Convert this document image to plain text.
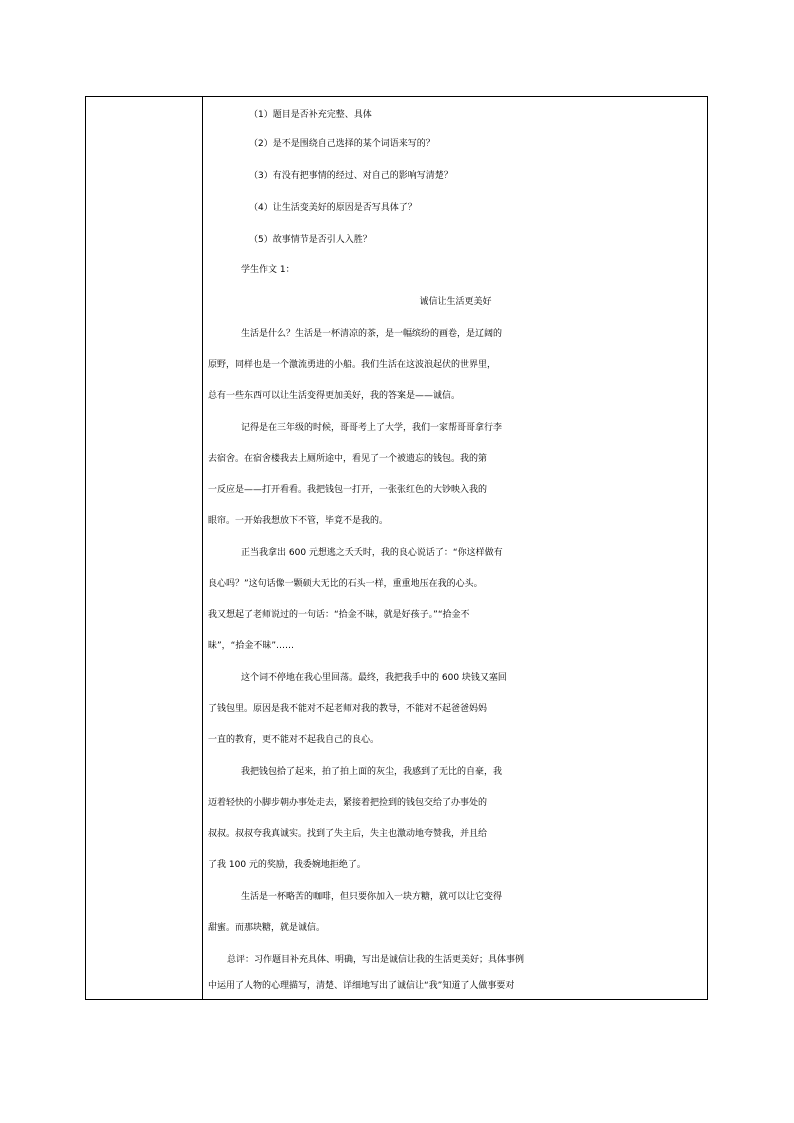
（1）题目是否补充完整、具体
（2）是不是围绕自己选择的某个词语来写的？
（3）有没有把事情的经过、对自己的影响写清楚？
（4）让生活变美好的原因是否写具体了？
（5）故事情节是否引人入胜？
学生作文 1：
诚信让生活更美好
生活是什么？生活是一杯清凉的茶，是一幅缤纷的画卷，是辽阔的
原野，同样也是一个激流勇进的小船。我们生活在这波浪起伏的世界里，
总有一些东西可以让生活变得更加美好，我的答案是——诚信。
记得是在三年级的时候，哥哥考上了大学，我们一家帮哥哥拿行李
去宿舍。在宿舍楼我去上厕所途中，看见了一个被遗忘的钱包。我的第
一反应是——打开看看。我把钱包一打开，一张张红色的大钞映入我的
眼帘。一开始我想放下不管，毕竟不是我的。
正当我拿出 600 元想逃之夭夭时，我的良心说话了：“你这样做有
良心吗？”这句话像一颗硕大无比的石头一样，重重地压在我的心头。
我又想起了老师说过的一句话：“拾金不昧，就是好孩子。”“拾金不
昧”，“拾金不昧”……
这个词不停地在我心里回荡。最终，我把我手中的 600 块钱又塞回
了钱包里。原因是我不能对不起老师对我的教导，不能对不起爸爸妈妈
一直的教育，更不能对不起我自己的良心。
我把钱包拾了起来，拍了拍上面的灰尘，我感到了无比的自豪，我
迈着轻快的小脚步朝办事处走去，紧接着把捡到的钱包交给了办事处的
叔叔。叔叔夸我真诚实。找到了失主后，失主也激动地夸赞我，并且给
了我 100 元的奖励，我委婉地拒绝了。
生活是一杯略苦的咖啡，但只要你加入一块方糖，就可以让它变得
甜蜜。而那块糖，就是诚信。
总评：习作题目补充具体、明确，写出是诚信让我的生活更美好；具体事例
中运用了人物的心理描写，清楚、详细地写出了诚信让“我”知道了人做事要对
